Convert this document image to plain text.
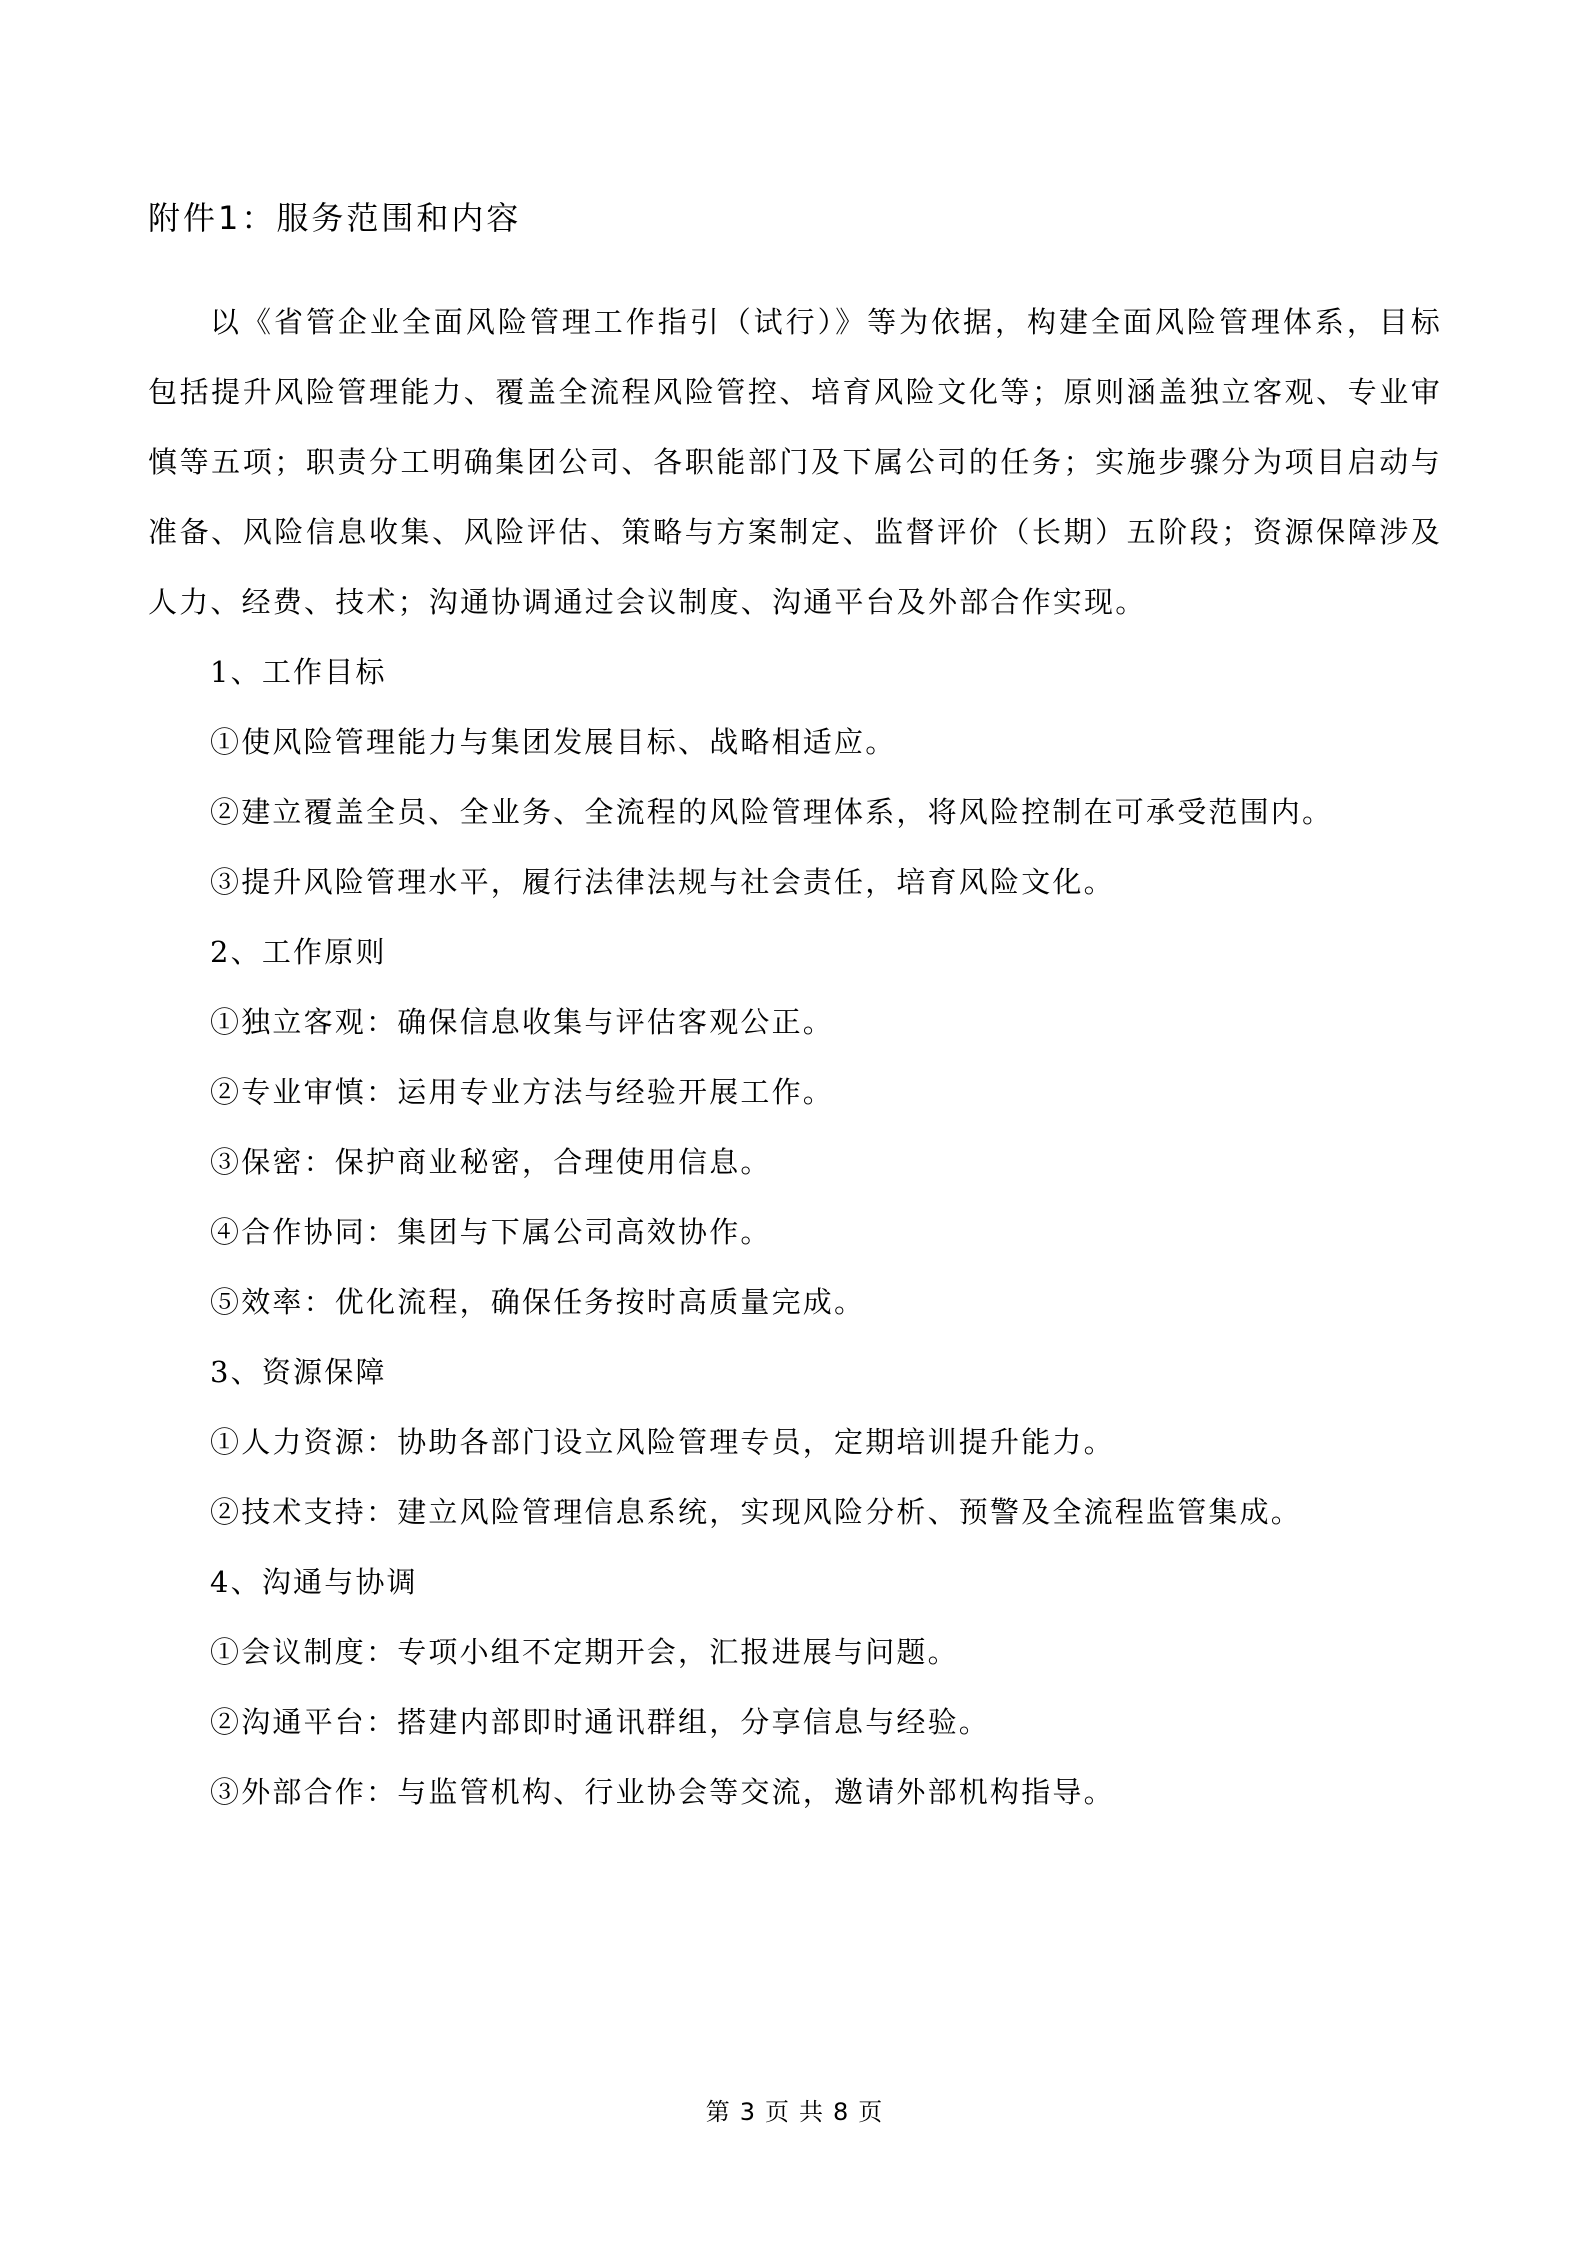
附件1：服务范围和内容

以《省管企业全面风险管理工作指引（试行）》等为依据，构建全面风险管理体系，目标包括提升风险管理能力、覆盖全流程风险管控、培育风险文化等；原则涵盖独立客观、专业审慎等五项；职责分工明确集团公司、各职能部门及下属公司的任务；实施步骤分为项目启动与准备、风险信息收集、风险评估、策略与方案制定、监督评价（长期）五阶段；资源保障涉及人力、经费、技术；沟通协调通过会议制度、沟通平台及外部合作实现。

1、工作目标

①使风险管理能力与集团发展目标、战略相适应。

②建立覆盖全员、全业务、全流程的风险管理体系，将风险控制在可承受范围内。

③提升风险管理水平，履行法律法规与社会责任，培育风险文化。

2、工作原则

①独立客观：确保信息收集与评估客观公正。

②专业审慎：运用专业方法与经验开展工作。

③保密：保护商业秘密，合理使用信息。

④合作协同：集团与下属公司高效协作。

⑤效率：优化流程，确保任务按时高质量完成。

3、资源保障

①人力资源：协助各部门设立风险管理专员，定期培训提升能力。

②技术支持：建立风险管理信息系统，实现风险分析、预警及全流程监管集成。

4、沟通与协调

①会议制度：专项小组不定期开会，汇报进展与问题。

②沟通平台：搭建内部即时通讯群组，分享信息与经验。

③外部合作：与监管机构、行业协会等交流，邀请外部机构指导。

第 3 页 共 8 页
